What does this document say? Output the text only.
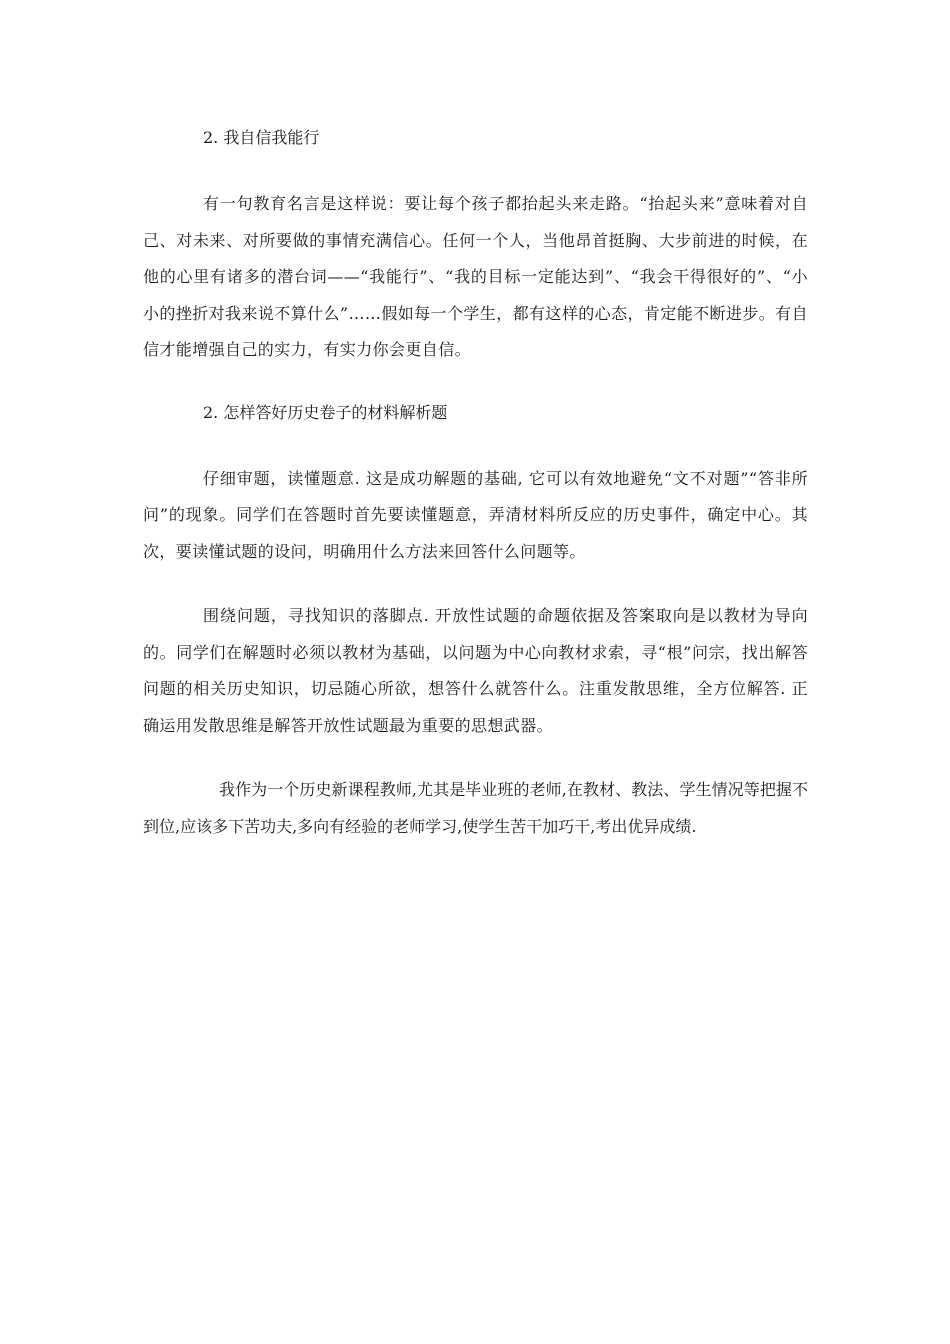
2. 我自信我能行

有一句教育名言是这样说：要让每个孩子都抬起头来走路。“抬起头来”意味着对自己、对未来、对所要做的事情充满信心。任何一个人，当他昂首挺胸、大步前进的时候，在他的心里有诸多的潜台词——“我能行”、“我的目标一定能达到”、“我会干得很好的”、“小小的挫折对我来说不算什么”……假如每一个学生，都有这样的心态，肯定能不断进步。有自信才能增强自己的实力，有实力你会更自信。

2. 怎样答好历史卷子的材料解析题

仔细审题，读懂题意. 这是成功解题的基础, 它可以有效地避免“文不对题”“答非所问”的现象。同学们在答题时首先要读懂题意，弄清材料所反应的历史事件，确定中心。其次，要读懂试题的设问，明确用什么方法来回答什么问题等。

围绕问题，寻找知识的落脚点. 开放性试题的命题依据及答案取向是以教材为导向的。同学们在解题时必须以教材为基础，以问题为中心向教材求索，寻“根”问宗，找出解答问题的相关历史知识，切忌随心所欲，想答什么就答什么。注重发散思维，全方位解答. 正确运用发散思维是解答开放性试题最为重要的思想武器。

我作为一个历史新课程教师,尤其是毕业班的老师,在教材、教法、学生情况等把握不到位,应该多下苦功夫,多向有经验的老师学习,使学生苦干加巧干,考出优异成绩.
